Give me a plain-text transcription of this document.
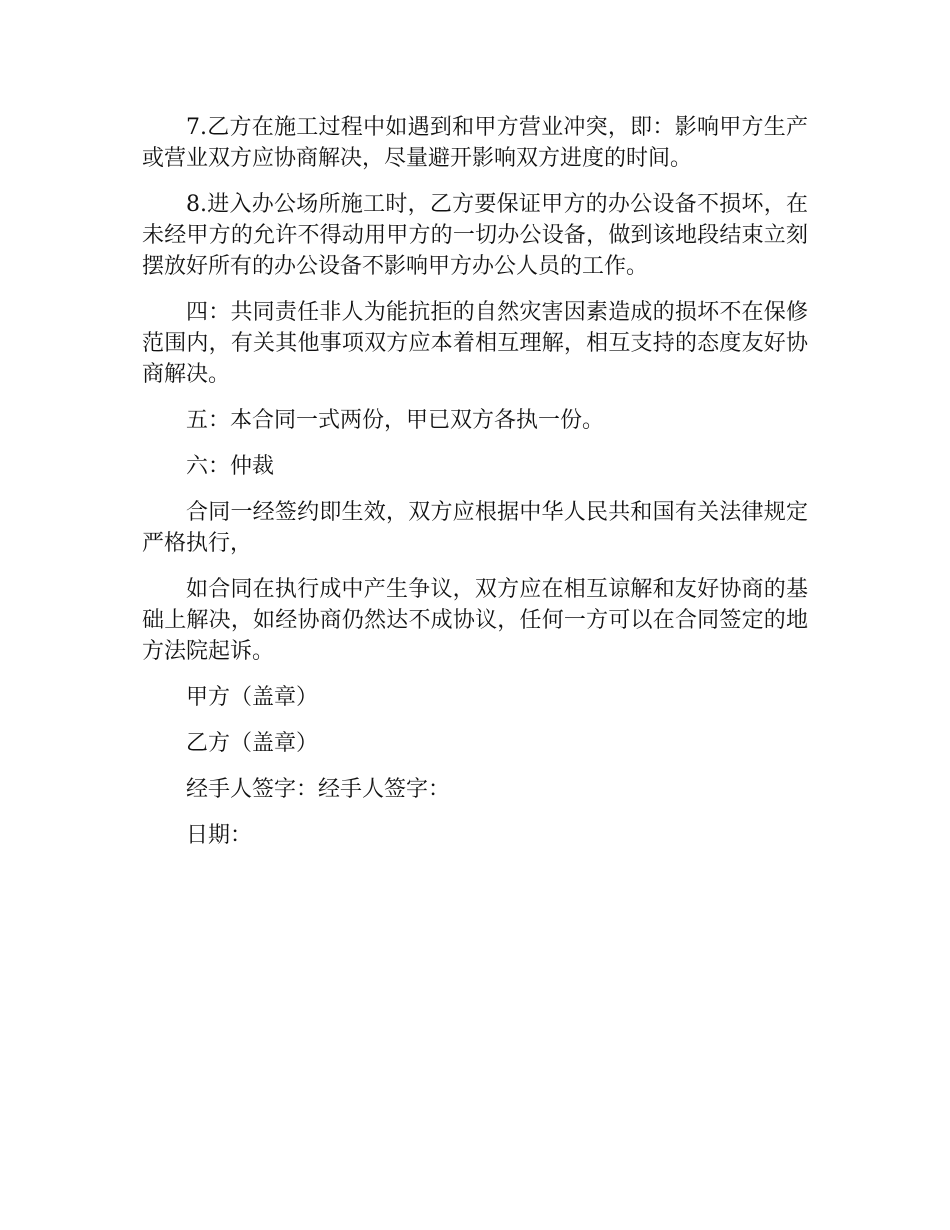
7.乙方在施工过程中如遇到和甲方营业冲突，即：影响甲方生产或营业双方应协商解决，尽量避开影响双方进度的时间。

8.进入办公场所施工时，乙方要保证甲方的办公设备不损坏，在未经甲方的允许不得动用甲方的一切办公设备，做到该地段结束立刻摆放好所有的办公设备不影响甲方办公人员的工作。

四：共同责任非人为能抗拒的自然灾害因素造成的损坏不在保修范围内，有关其他事项双方应本着相互理解，相互支持的态度友好协商解决。

五：本合同一式两份，甲已双方各执一份。

六：仲裁

合同一经签约即生效，双方应根据中华人民共和国有关法律规定严格执行，

如合同在执行成中产生争议，双方应在相互谅解和友好协商的基础上解决，如经协商仍然达不成协议，任何一方可以在合同签定的地方法院起诉。

甲方（盖章）

乙方（盖章）

经手人签字：经手人签字：

日期：
